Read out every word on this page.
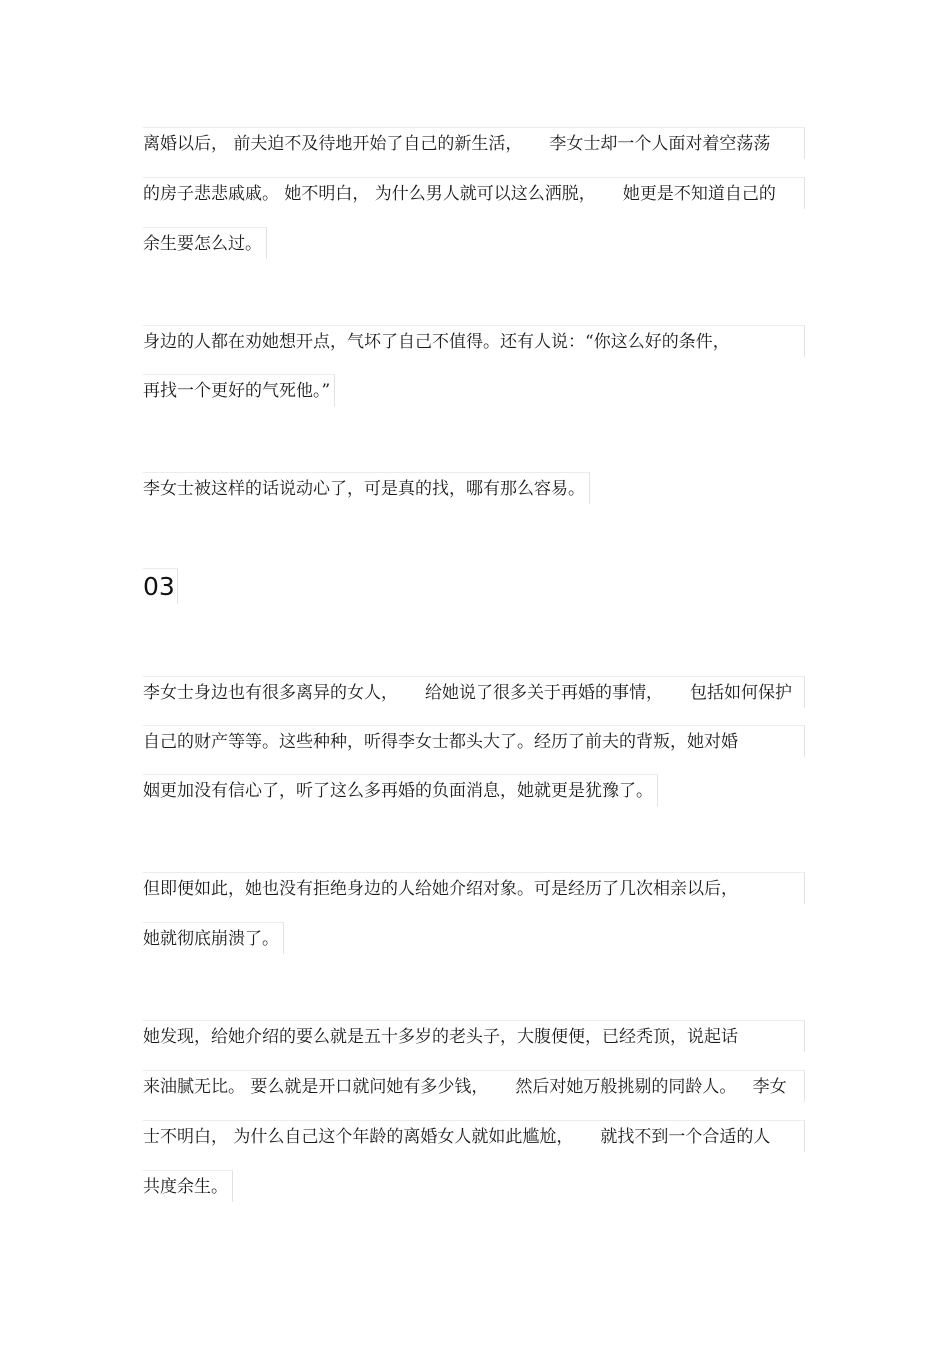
离婚以后， 前夫迫不及待地开始了自己的新生活，     李女士却一个人面对着空荡荡
的房子悲悲戚戚。 她不明白， 为什么男人就可以这么洒脱，     她更是不知道自己的
余生要怎么过。
身边的人都在劝她想开点，气坏了自己不值得。还有人说：“你这么好的条件，
再找一个更好的气死他。”
李女士被这样的话说动心了，可是真的找，哪有那么容易。
03
李女士身边也有很多离异的女人，     给她说了很多关于再婚的事情，     包括如何保护
自己的财产等等。这些种种，听得李女士都头大了。经历了前夫的背叛，她对婚
姻更加没有信心了，听了这么多再婚的负面消息，她就更是犹豫了。
但即便如此，她也没有拒绝身边的人给她介绍对象。可是经历了几次相亲以后，
她就彻底崩溃了。
她发现，给她介绍的要么就是五十多岁的老头子，大腹便便，已经秃顶，说起话
来油腻无比。 要么就是开口就问她有多少钱，     然后对她万般挑剔的同龄人。   李女
士不明白， 为什么自己这个年龄的离婚女人就如此尴尬，     就找不到一个合适的人
共度余生。
